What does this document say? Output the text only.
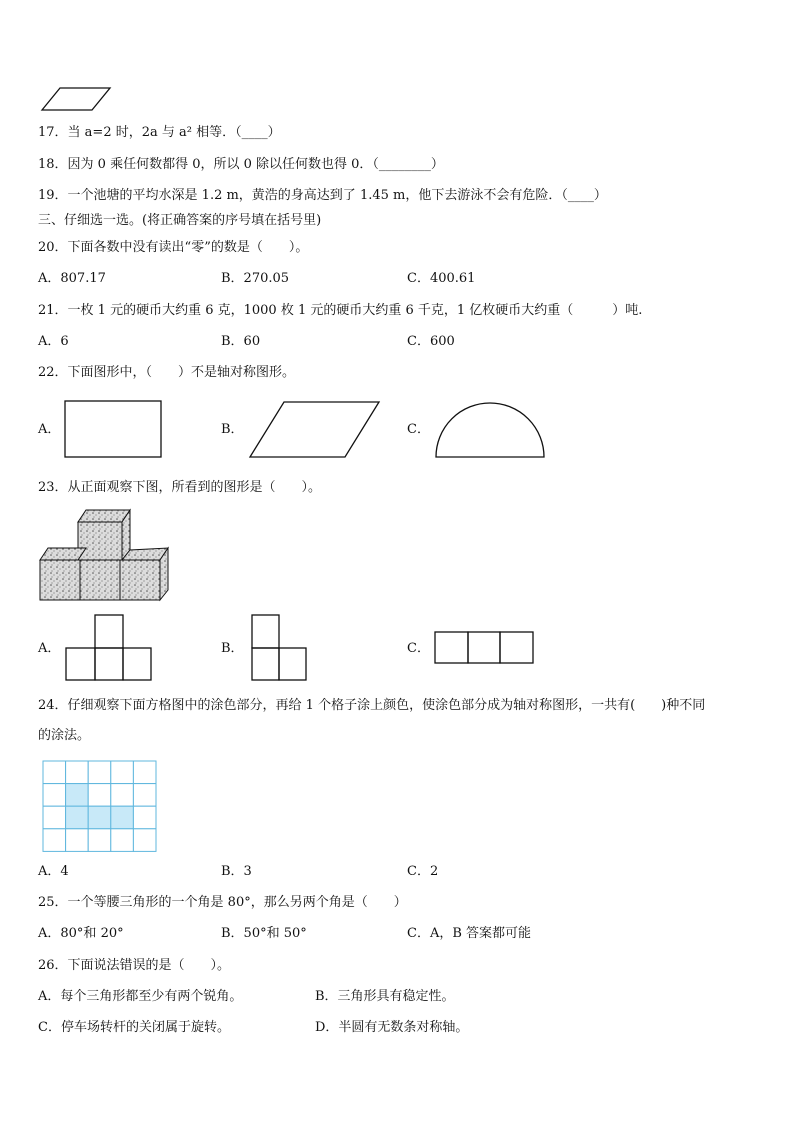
17．当 a=2 时，2a 与 a² 相等．（____）
18．因为 0 乘任何数都得 0，所以 0 除以任何数也得 0．（________）
19．一个池塘的平均水深是 1.2 m，黄浩的身高达到了 1.45 m，他下去游泳不会有危险．（____）
三、仔细选一选。(将正确答案的序号填在括号里)
20．下面各数中没有读出“零”的数是（　　）。
A．807.17	B．270.05	C．400.61
21．一枚 1 元的硬币大约重 6 克，1000 枚 1 元的硬币大约重 6 千克，1 亿枚硬币大约重（　　　）吨.
A．6	B．60	C．600
22．下面图形中，（　　）不是轴对称图形。
A．	B．	C．
23．从正面观察下图，所看到的图形是（　　）。
A．	B．	C．
24．仔细观察下面方格图中的涂色部分，再给 1 个格子涂上颜色，使涂色部分成为轴对称图形，一共有(　　)种不同
的涂法。
A．4	B．3	C．2
25．一个等腰三角形的一个角是 80°，那么另两个角是（　　）
A．80°和 20°	B．50°和 50°	C．A，B 答案都可能
26．下面说法错误的是（　　）。
A．每个三角形都至少有两个锐角。	B．三角形具有稳定性。
C．停车场转杆的关闭属于旋转。	D．半圆有无数条对称轴。
